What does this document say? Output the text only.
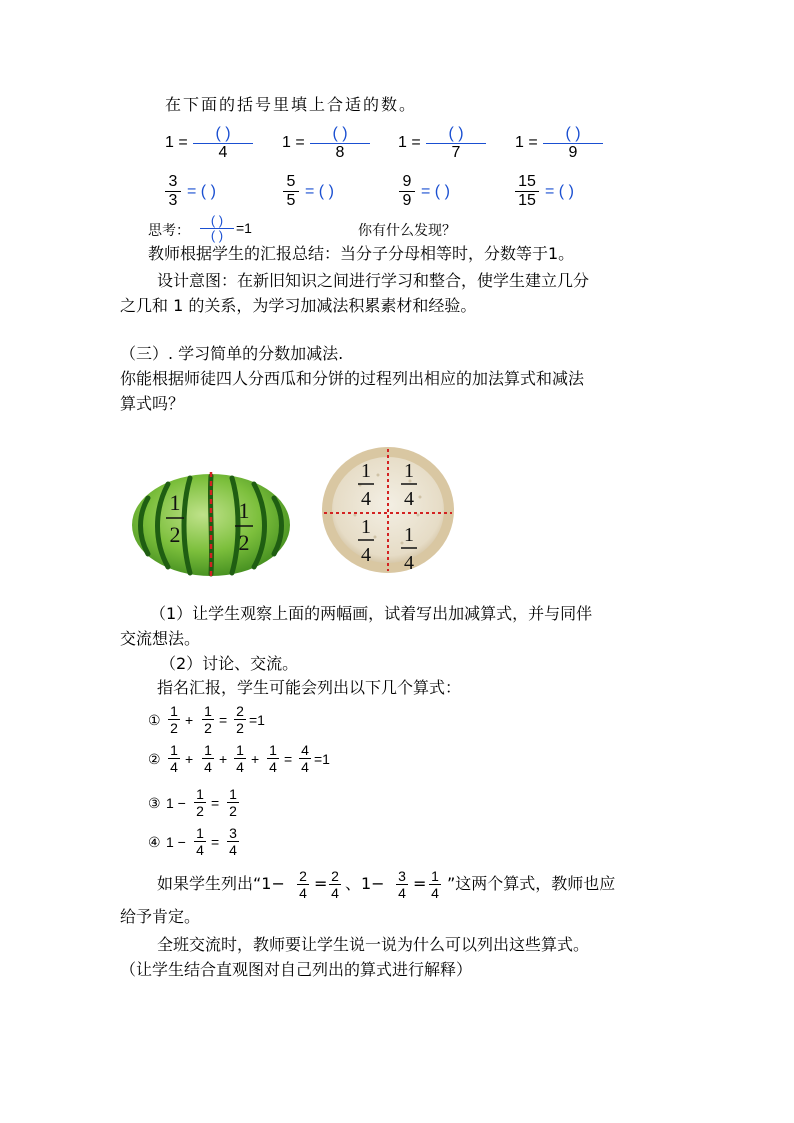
在下面的括号里填上合适的数。
1 =
( )
4
1 =
( )
8
1 =
( )
7
1 =
( )
9
3
3
= ( )
5
5
= ( )
9
9
= ( )
15
15
= ( )
思考：
( )
( ) =1	你有什么发现？
教师根据学生的汇报总结：当分子分母相等时，分数等于1。
设计意图：在新旧知识之间进行学习和整合，使学生建立几分
之几和 1 的关系，为学习加减法积累素材和经验。
（三）. 学习简单的分数加减法.
你能根据师徒四人分西瓜和分饼的过程列出相应的加法算式和减法
算式吗？
1
2
1
2
1
4
1
4
1
4
1
4
（1）让学生观察上面的两幅画，试着写出加减算式，并与同伴
交流想法。
（2）讨论、交流。
指名汇报，学生可能会列出以下几个算式：
①
1
2
+
1
2
=
2
2
=1
②
1
4
+
1
4
+
1
4
+
1
4
=
4
4
=1
③ 1 −
1
2
=
1
2
④ 1 −
1
4
=
3
4
如果学生列出“1− 2
4
= 2
4
、1− 3
4
= 1
4
”这两个算式，教师也应
给予肯定。
全班交流时，教师要让学生说一说为什么可以列出这些算式。
（让学生结合直观图对自己列出的算式进行解释）
